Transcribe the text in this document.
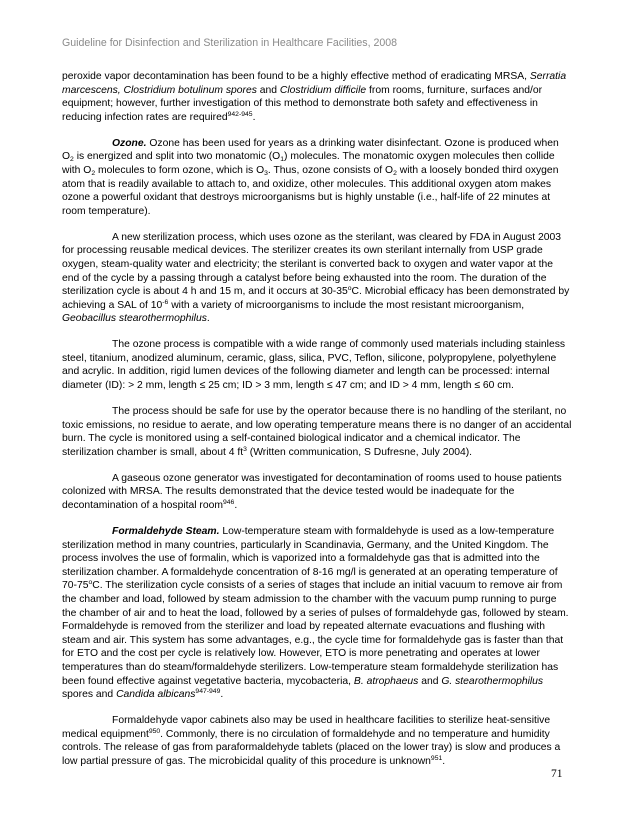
Guideline for Disinfection and Sterilization in Healthcare Facilities, 2008

peroxide vapor decontamination has been found to be a highly effective method of eradicating MRSA, Serratia marcescens, Clostridium botulinum spores and Clostridium difficile from rooms, furniture, surfaces and/or equipment; however, further investigation of this method to demonstrate both safety and effectiveness in reducing infection rates are required$^{942-945}$.

Ozone. Ozone has been used for years as a drinking water disinfectant. Ozone is produced when $O_2$ is energized and split into two monatomic $(O_1)$ molecules. The monatomic oxygen molecules then collide with $O_2$ molecules to form ozone, which is $O_3$. Thus, ozone consists of $O_2$ with a loosely bonded third oxygen atom that is readily available to attach to, and oxidize, other molecules. This additional oxygen atom makes ozone a powerful oxidant that destroys microorganisms but is highly unstable (i.e., half-life of 22 minutes at room temperature).

A new sterilization process, which uses ozone as the sterilant, was cleared by FDA in August 2003 for processing reusable medical devices. The sterilizer creates its own sterilant internally from USP grade oxygen, steam-quality water and electricity; the sterilant is converted back to oxygen and water vapor at the end of the cycle by a passing through a catalyst before being exhausted into the room. The duration of the sterilization cycle is about 4 h and 15 m, and it occurs at 30-35$^o$C. Microbial efficacy has been demonstrated by achieving a SAL of $10^{-6}$ with a variety of microorganisms to include the most resistant microorganism, Geobacillus stearothermophilus.

The ozone process is compatible with a wide range of commonly used materials including stainless steel, titanium, anodized aluminum, ceramic, glass, silica, PVC, Teflon, silicone, polypropylene, polyethylene and acrylic. In addition, rigid lumen devices of the following diameter and length can be processed: internal diameter (ID): > 2 mm, length ≤ 25 cm; ID > 3 mm, length ≤ 47 cm; and ID > 4 mm, length ≤ 60 cm.

The process should be safe for use by the operator because there is no handling of the sterilant, no toxic emissions, no residue to aerate, and low operating temperature means there is no danger of an accidental burn. The cycle is monitored using a self-contained biological indicator and a chemical indicator. The sterilization chamber is small, about 4 $ft^3$ (Written communication, S Dufresne, July 2004).

A gaseous ozone generator was investigated for decontamination of rooms used to house patients colonized with MRSA. The results demonstrated that the device tested would be inadequate for the decontamination of a hospital room$^{946}$.

Formaldehyde Steam. Low-temperature steam with formaldehyde is used as a low-temperature sterilization method in many countries, particularly in Scandinavia, Germany, and the United Kingdom. The process involves the use of formalin, which is vaporized into a formaldehyde gas that is admitted into the sterilization chamber. A formaldehyde concentration of 8-16 mg/l is generated at an operating temperature of 70-75$^o$C. The sterilization cycle consists of a series of stages that include an initial vacuum to remove air from the chamber and load, followed by steam admission to the chamber with the vacuum pump running to purge the chamber of air and to heat the load, followed by a series of pulses of formaldehyde gas, followed by steam. Formaldehyde is removed from the sterilizer and load by repeated alternate evacuations and flushing with steam and air. This system has some advantages, e.g., the cycle time for formaldehyde gas is faster than that for ETO and the cost per cycle is relatively low. However, ETO is more penetrating and operates at lower temperatures than do steam/formaldehyde sterilizers. Low-temperature steam formaldehyde sterilization has been found effective against vegetative bacteria, mycobacteria, B. atrophaeus and G. stearothermophilus spores and Candida albicans$^{947-949}$.

Formaldehyde vapor cabinets also may be used in healthcare facilities to sterilize heat-sensitive medical equipment$^{950}$. Commonly, there is no circulation of formaldehyde and no temperature and humidity controls. The release of gas from paraformaldehyde tablets (placed on the lower tray) is slow and produces a low partial pressure of gas. The microbicidal quality of this procedure is unknown$^{951}$.

71
